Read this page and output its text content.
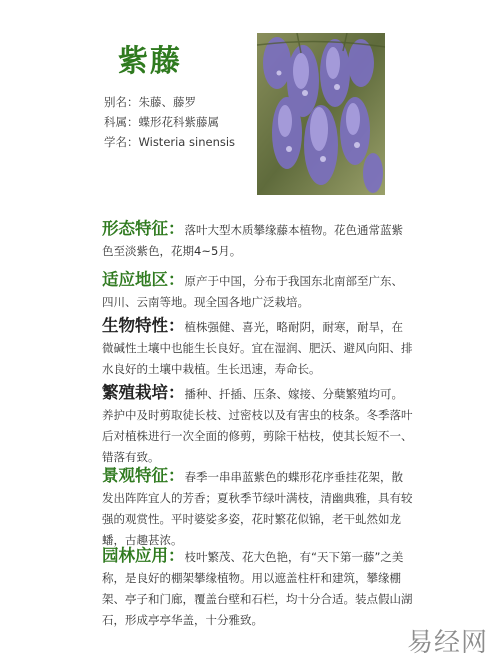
紫藤
别名：朱藤、藤罗
科属：蝶形花科紫藤属
学名：Wisteria sinensis
形态特征：落叶大型木质攀缘藤本植物。花色通常蓝紫色至淡紫色，花期4~5月。
适应地区：原产于中国，分布于我国东北南部至广东、四川、云南等地。现全国各地广泛栽培。
生物特性：植株强健、喜光，略耐阴，耐寒，耐旱，在微碱性土壤中也能生长良好。宜在湿润、肥沃、避风向阳、排水良好的土壤中栽植。生长迅速，寿命长。
繁殖栽培：播种、扦插、压条、嫁接、分蘖繁殖均可。养护中及时剪取徒长枝、过密枝以及有害虫的枝条。冬季落叶后对植株进行一次全面的修剪，剪除干枯枝，使其长短不一、错落有致。
景观特征：春季一串串蓝紫色的蝶形花序垂挂花架，散发出阵阵宜人的芳香；夏秋季节绿叶满枝，清幽典雅，具有较强的观赏性。平时婆娑多姿，花时繁花似锦，老干虬然如龙蟠，古趣甚浓。
园林应用：枝叶繁茂、花大色艳，有“天下第一藤”之美称，是良好的棚架攀缘植物。用以遮盖柱杆和建筑，攀缘棚架、亭子和门廊，覆盖台壁和石栏，均十分合适。装点假山湖石，形成亭亭华盖，十分雅致。
易经网
